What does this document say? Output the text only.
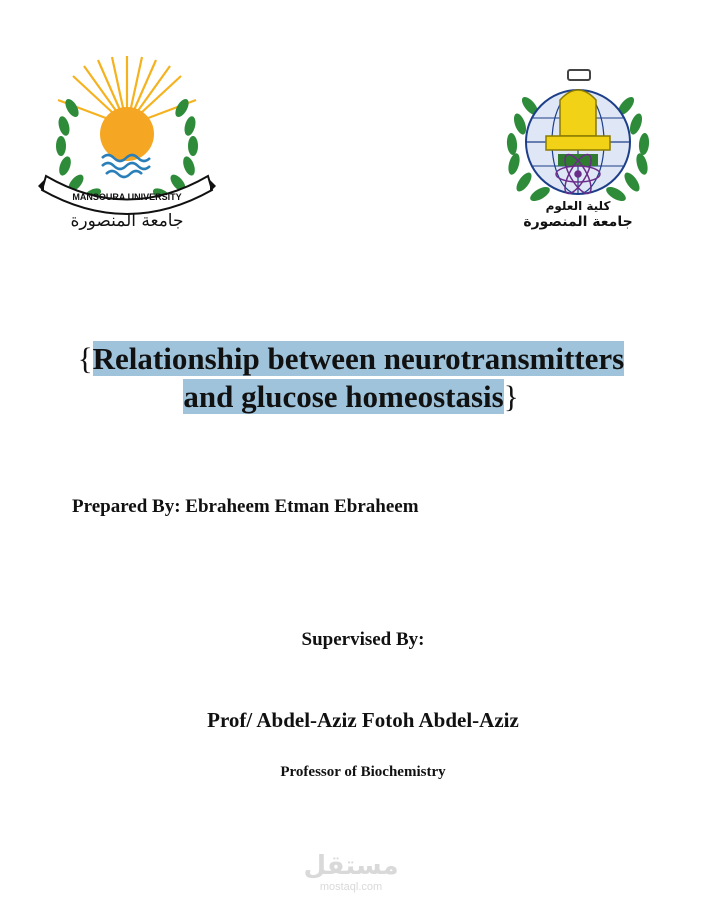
MANSOURA UNIVERSITY
جامعة المنصورة
كلية العلوم
جامعة المنصورة
{Relationship between neurotransmitters
and glucose homeostasis}
Prepared By: Ebraheem Etman Ebraheem
Supervised By:
Prof/ Abdel-Aziz Fotoh Abdel-Aziz
Professor of Biochemistry
مستقل
mostaql.com
